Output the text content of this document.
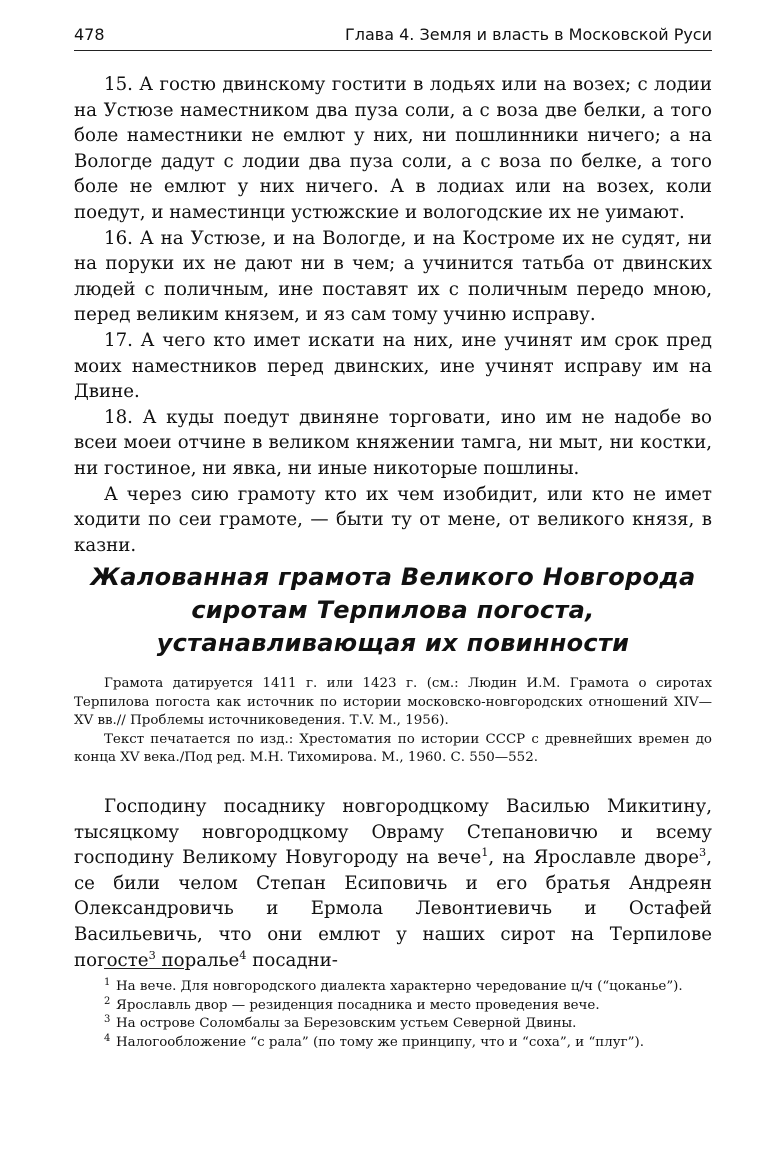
478	Глава 4. Земля и власть в Московской Руси

15. А гостю двинскому гостити в лодьях или на возех; с лодии на Устюзе наместником два пуза соли, а с воза две белки, а того боле наместники не емлют у них, ни пошлинники ничего; а на Вологде дадут с лодии два пуза соли, а с воза по белке, а того боле не емлют у них ничего. А в лодиах или на возех, коли поедут, и наместинци устюжские и вологодские их не уимают.

16. А на Устюзе, и на Вологде, и на Костроме их не судят, ни на поруки их не дают ни в чем; а учинится татьба от двинских людей с поличным, ине поставят их с поличным передо мною, перед великим князем, и яз сам тому учиню исправу.

17. А чего кто имет искати на них, ине учинят им срок пред моих наместников перед двинских, ине учинят исправу им на Двине.

18. А куды поедут двиняне торговати, ино им не надобе во всеи моеи отчине в великом княжении тамга, ни мыт, ни костки, ни гостиное, ни явка, ни иные никоторые пошлины.

А через сию грамоту кто их чем изобидит, или кто не имет ходити по сеи грамоте, — быти ту от мене, от великого князя, в казни.

Жалованная грамота Великого Новгорода
сиротам Терпилова погоста,
устанавливающая их повинности

Грамота датируется 1411 г. или 1423 г. (см.: Людин И.М. Грамота о сиротах Терпилова погоста как источник по истории московско-новгородских отношений XIV—XV вв.// Проблемы источниковедения. Т.V. М., 1956).

Текст печатается по изд.: Хрестоматия по истории СССР с древнейших времен до конца XV века./Под ред. М.Н. Тихомирова. М., 1960. С. 550—552.

Господину посаднику новгородцкому Василью Микитину, тысяцкому новгородцкому Овраму Степановичю и всему господину Великому Новугороду на вече$^1$, на Ярославле дворе$^3$, се били челом Степан Есиповичь и его братья Андреян Олександровичь и Ермола Левонтиевичь и Остафей Васильевичь, что они емлют у наших сирот на Терпилове погосте$^3$ поралье$^4$ посадни-

1 На вече. Для новгородского диалекта характерно чередование ц/ч (“цоканье”).
2 Ярославль двор — резиденция посадника и место проведения вече.
3 На острове Соломбалы за Березовским устьем Северной Двины.
4 Налогообложение “с рала” (по тому же принципу, что и “соха”, и “плуг”).
